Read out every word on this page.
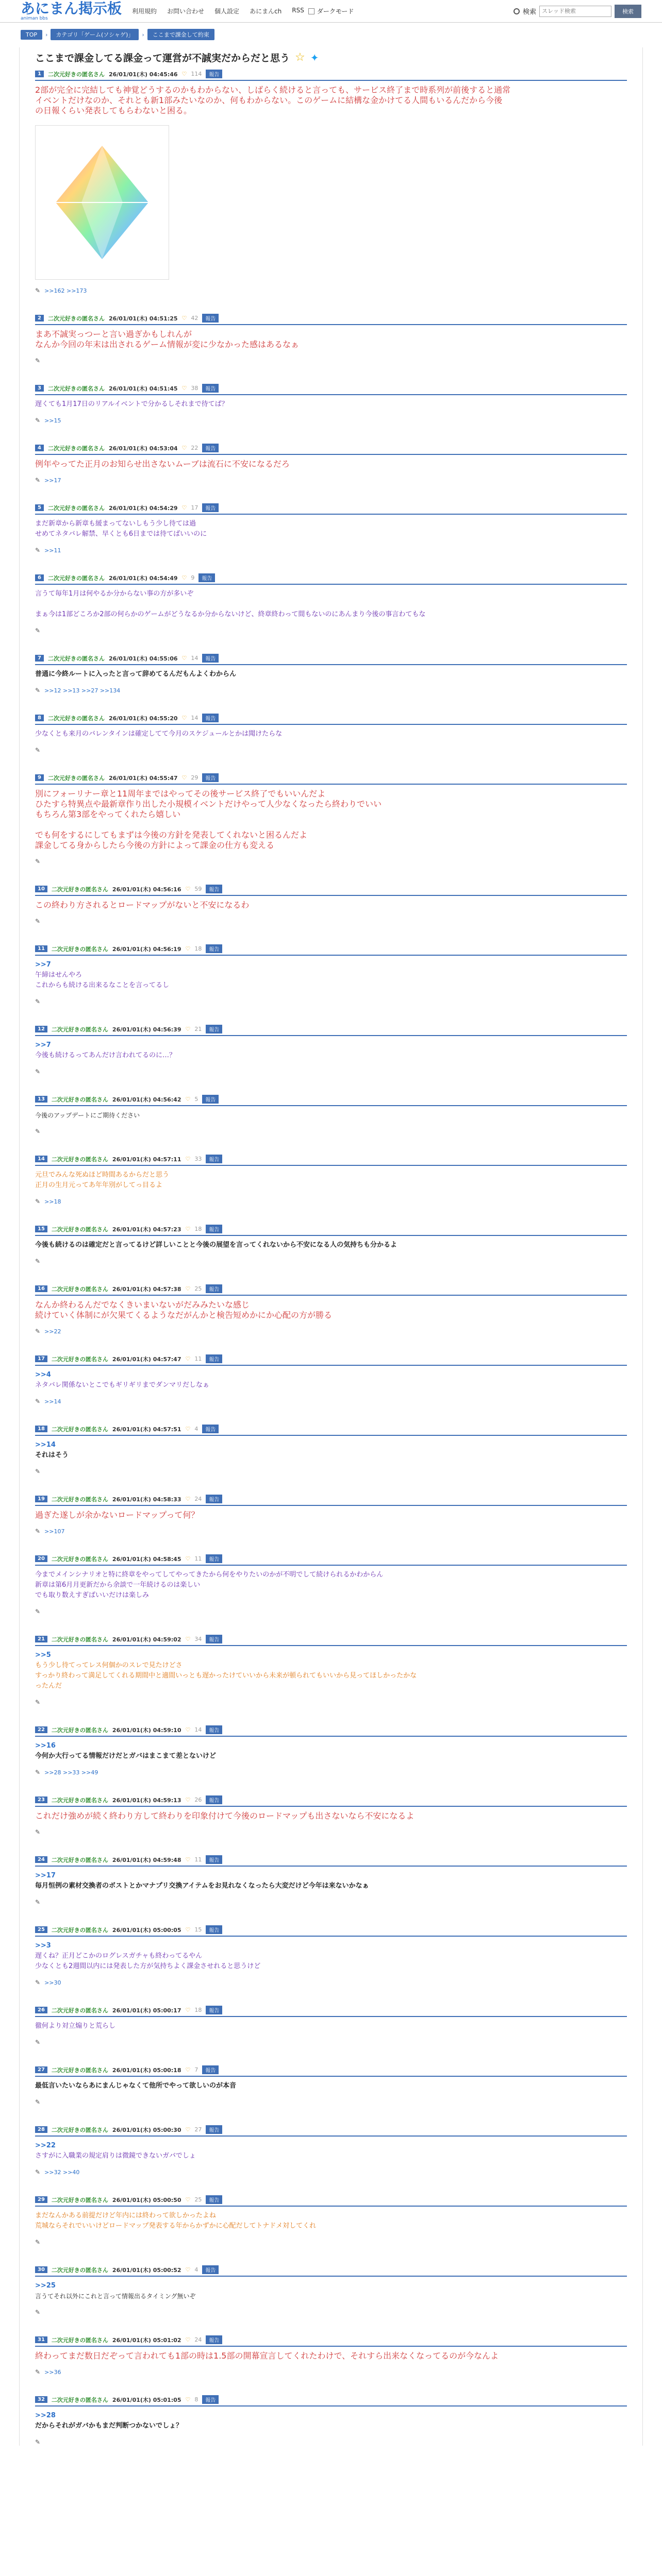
あにまん掲示板
animan bbs
利用規約 お問い合わせ 個人設定 あにまんch RSS ダークモード	検索
スレッド検索	検索
TOP	›	カテゴリ「ゲーム(ソシャゲ)」	›	ここまで課金して約束
ここまで課金してる課金って運営が不誠実だからだと思う ☆ ✦
1	二次元好きの匿名さん 26/01/01(木) 04:45:46 ♡ 114	報告
2部が完全に完結しても神覚どうするのかもわからない、しばらく続けると言っても、サービス終了まで時系列が前後すると通常
イベントだけなのか、それとも新1部みたいなのか、何もわからない。このゲームに結構な金かけてる人間もいるんだから今後
の日報くらい発表してもらわないと困る。
✎ >>162 >>173
2	二次元好きの匿名さん 26/01/01(木) 04:51:25 ♡ 42	報告
まあ不誠実っつーと言い過ぎかもしれんが
なんか今回の年末は出されるゲーム情報が変に少なかった感はあるなぁ
✎
3	二次元好きの匿名さん 26/01/01(木) 04:51:45 ♡ 38	報告
遅くても1月17日のリアルイベントで分かるしそれまで待てば？
✎ >>15
4	二次元好きの匿名さん 26/01/01(木) 04:53:04 ♡ 22	報告
例年やってた正月のお知らせ出さないムーブは流石に不安になるだろ
✎ >>17
5	二次元好きの匿名さん 26/01/01(木) 04:54:29 ♡ 17	報告
まだ新章から新章も緩まってないしもう少し待ては過
せめてネタバレ解禁、早くとも6日までは待てばいいのに
✎ >>11
6	二次元好きの匿名さん 26/01/01(木) 04:54:49 ♡ 9	報告
言うて毎年1月は何やるか分からない事の方が多いぞ

まぁ今は1部どころか2部の何らかのゲームがどうなるか分からないけど、終章終わって間もないのにあんまり今後の事言わてもな
✎
7	二次元好きの匿名さん 26/01/01(木) 04:55:06 ♡ 14	報告
普通に今終ルートに入ったと言って辞めてるんだもんよくわからん
✎ >>12 >>13 >>27 >>134
8	二次元好きの匿名さん 26/01/01(木) 04:55:20 ♡ 14	報告
少なくとも来月のバレンタインは確定してて今月のスケジュールとかは聞けたらな
✎
9	二次元好きの匿名さん 26/01/01(木) 04:55:47 ♡ 29	報告
別にフォーリナー章と11周年まではやってその後サービス終了でもいいんだよ
ひたすら特異点や最新章作り出した小規模イベントだけやって人少なくなったら終わりでいい
もちろん第3部をやってくれたら嬉しい

でも何をするにしてもまずは今後の方針を発表してくれないと困るんだよ
課金してる身からしたら今後の方針によって課金の仕方も変える
✎
10	二次元好きの匿名さん 26/01/01(木) 04:56:16 ♡ 59	報告
この終わり方されるとロードマップがないと不安になるわ
✎
11	二次元好きの匿名さん 26/01/01(木) 04:56:19 ♡ 18	報告
>>7
午締はせんやろ
これからも続ける出来るなことを言ってるし
✎
12	二次元好きの匿名さん 26/01/01(木) 04:56:39 ♡ 21	報告
>>7
今後も続けるってあんだけ言われてるのに…？
✎
13	二次元好きの匿名さん 26/01/01(木) 04:56:42 ♡ 5	報告
今後のアップデートにご期待ください
✎
14	二次元好きの匿名さん 26/01/01(木) 04:57:11 ♡ 33	報告
元旦でみんな死ぬほど時間あるからだと思う
正月の生月元ってあ年年別がしてっ目るよ
✎ >>18
15	二次元好きの匿名さん 26/01/01(木) 04:57:23 ♡ 18	報告
今後も続けるのは確定だと言ってるけど詳しいことと今後の展望を言ってくれないから不安になる人の気持ちも分かるよ
✎
16	二次元好きの匿名さん 26/01/01(木) 04:57:38 ♡ 25	報告
なんか終わるんだでなくきいまいないがだみみたいな感じ
続けていく体制にが欠果てくるようなだがんかと検告短めかにか心配の方が勝る
✎ >>22
17	二次元好きの匿名さん 26/01/01(木) 04:57:47 ♡ 11	報告
>>4
ネタバレ関係ないとこでもギリギリまでダンマリだしなぁ
✎ >>14
18	二次元好きの匿名さん 26/01/01(木) 04:57:51 ♡ 4	報告
>>14
それはそう
✎
19	二次元好きの匿名さん 26/01/01(木) 04:58:33 ♡ 24	報告
過ぎた遂しが余かないロードマップって何？
✎ >>107
20	二次元好きの匿名さん 26/01/01(木) 04:58:45 ♡ 11	報告
今までメインシナリオと特に終章をやってしてやってきたから何をやりたいのかが不明でして続けられるかわからん
新章は第6月月更新だから余談で一年続けるのは楽しい
でも取り数えすぎばいいだけは楽しみ
✎
21	二次元好きの匿名さん 26/01/01(木) 04:59:02 ♡ 34	報告
>>5
もう少し待てってレス何個かのスレで見たけどさ
すっかり終わって満足してくれる期間中と適間いっとも遅かったけていいから未来が頓られてもいいから見ってほしかったかな
ったんだ
✎
22	二次元好きの匿名さん 26/01/01(木) 04:59:10 ♡ 14	報告
>>16
今何か大行ってる情報だけだとガバはまこまて差とないけど
✎ >>28 >>33 >>49
23	二次元好きの匿名さん 26/01/01(木) 04:59:13 ♡ 26	報告
これだけ強めが続く終わり方して終わりを印象付けて今後のロードマップも出さないなら不安になるよ
✎
24	二次元好きの匿名さん 26/01/01(木) 04:59:48 ♡ 11	報告
>>17
毎月恒例の素材交換者のボストとかマナプリ交換アイテムをお見れなくなったら大変だけど今年は来ないかなぁ
✎
25	二次元好きの匿名さん 26/01/01(木) 05:00:05 ♡ 15	報告
>>3
遅くね？正月どこかのログレスガチャも終わってるやん
少なくとも2週間以内には発表した方が気持ちよく課金させれると思うけど
✎ >>30
26	二次元好きの匿名さん 26/01/01(木) 05:00:17 ♡ 18	報告
徹何より対立煽りと荒らし
✎
27	二次元好きの匿名さん 26/01/01(木) 05:00:18 ♡ 7	報告
最低言いたいならあにまんじゃなくて他所でやって欲しいのが本音
✎
28	二次元好きの匿名さん 26/01/01(木) 05:00:30 ♡ 27	報告
>>22
さすがに入職業の規定肩りは微鏡できないガバでしょ
✎ >>32 >>40
29	二次元好きの匿名さん 26/01/01(木) 05:00:50 ♡ 25	報告
まだなんかある前提だけど年内には終わって欲しかったよね
荒城ならそれでいいけどロードマップ発表する年からかずかに心配だしてトナドメ対してくれ
✎
30	二次元好きの匿名さん 26/01/01(木) 05:00:52 ♡ 4	報告
>>25
言うてそれ以外にこれと言って情報出るタイミング無いぞ
✎
31	二次元好きの匿名さん 26/01/01(木) 05:01:02 ♡ 24	報告
終わってまだ数日だぞって言われても1部の時は1.5部の開幕宣言してくれたわけで、それすら出来なくなってるのが今なんよ
✎ >>36
32	二次元好きの匿名さん 26/01/01(木) 05:01:05 ♡ 8	報告
>>28
だからそれがガバかもまだ判断つかないでしょ？
✎
